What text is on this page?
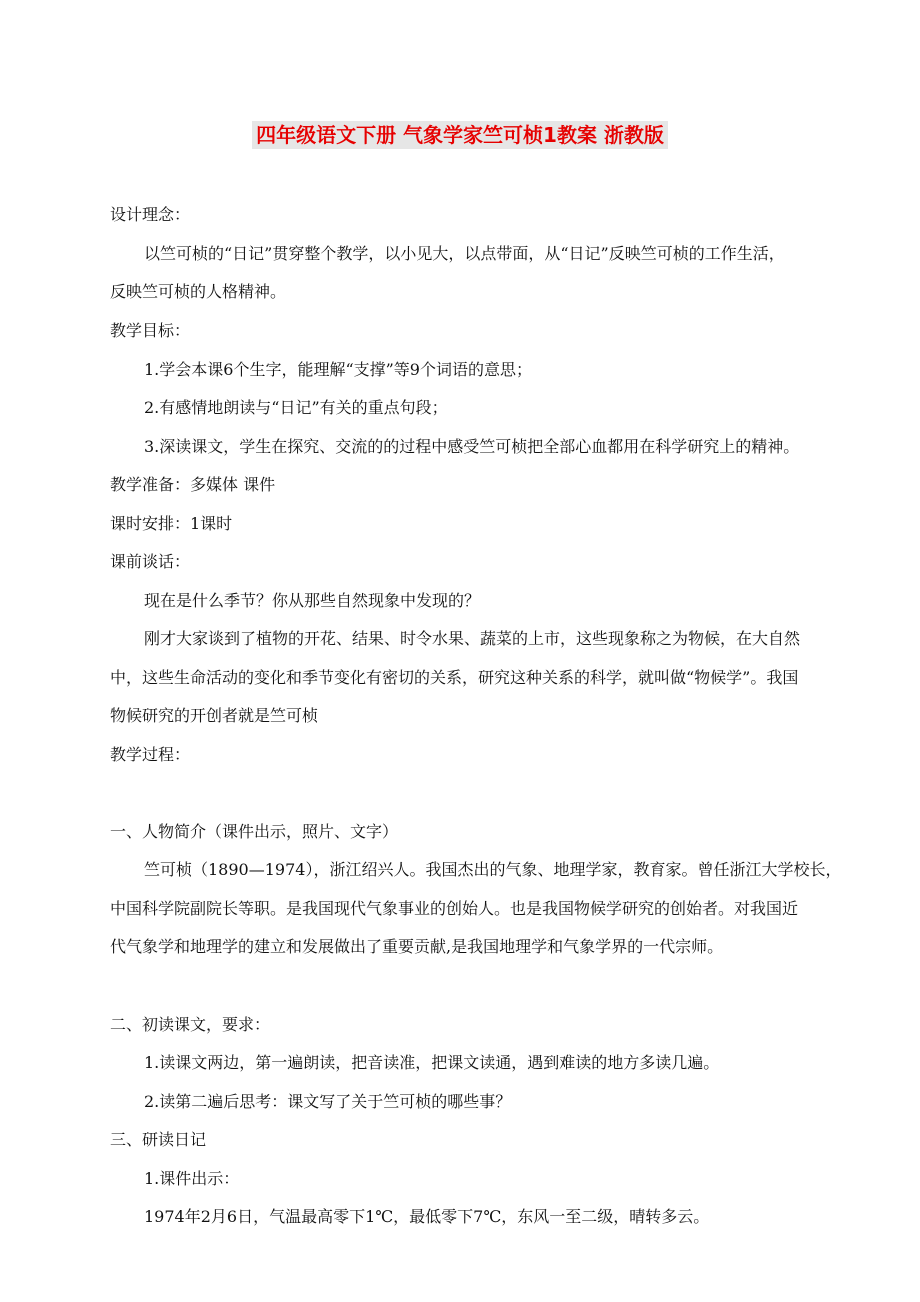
四年级语文下册 气象学家竺可桢1教案 浙教版
设计理念：
以竺可桢的“日记”贯穿整个教学，以小见大，以点带面，从“日记”反映竺可桢的工作生活，
反映竺可桢的人格精神。
教学目标：
1.学会本课6个生字，能理解“支撑”等9个词语的意思；
2.有感情地朗读与“日记”有关的重点句段；
3.深读课文，学生在探究、交流的的过程中感受竺可桢把全部心血都用在科学研究上的精神。
教学准备：多媒体 课件
课时安排：1课时
课前谈话：
现在是什么季节？你从那些自然现象中发现的？
刚才大家谈到了植物的开花、结果、时令水果、蔬菜的上市，这些现象称之为物候，在大自然
中，这些生命活动的变化和季节变化有密切的关系，研究这种关系的科学，就叫做“物候学”。我国
物候研究的开创者就是竺可桢
教学过程：
一、人物简介（课件出示，照片、文字）
竺可桢（1890—1974），浙江绍兴人。我国杰出的气象、地理学家，教育家。曾任浙江大学校长，
中国科学院副院长等职。是我国现代气象事业的创始人。也是我国物候学研究的创始者。对我国近
代气象学和地理学的建立和发展做出了重要贡献,是我国地理学和气象学界的一代宗师。
二、初读课文，要求：
1.读课文两边，第一遍朗读，把音读准，把课文读通，遇到难读的地方多读几遍。
2.读第二遍后思考：课文写了关于竺可桢的哪些事？
三、研读日记
1.课件出示：
1974年2月6日，气温最高零下1℃，最低零下7℃，东风一至二级，晴转多云。
